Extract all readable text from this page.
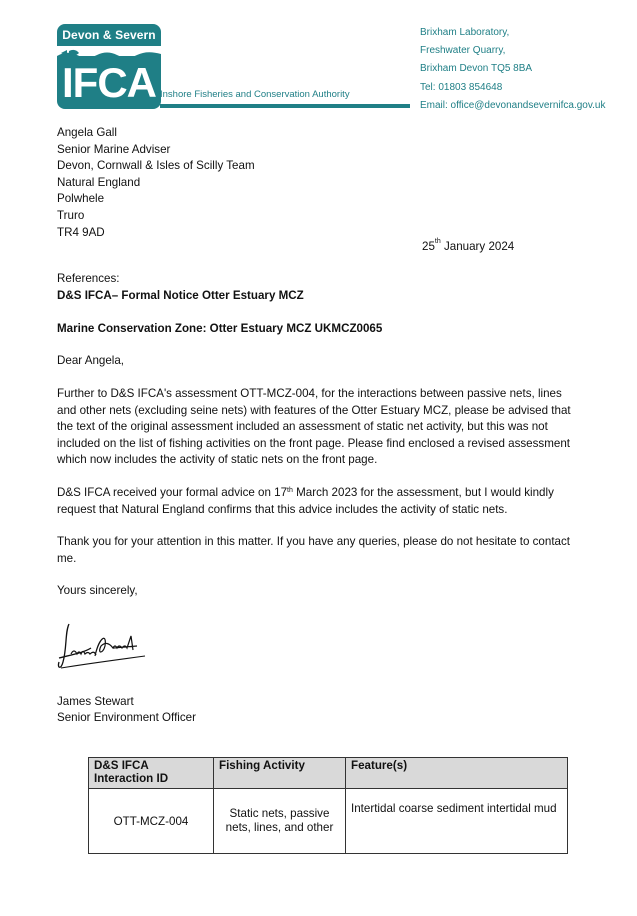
Devon & Severn
IFCA Inshore Fisheries and Conservation Authority
Brixham Laboratory,
Freshwater Quarry,
Brixham Devon TQ5 8BA
Tel: 01803 854648
Email: office@devonandsevernifca.gov.uk
Angela Gall
Senior Marine Adviser
Devon, Cornwall & Isles of Scilly Team
Natural England
Polwhele
Truro
TR4 9AD
25th January 2024
References:
D&S IFCA– Formal Notice Otter Estuary MCZ
Marine Conservation Zone: Otter Estuary MCZ UKMCZ0065
Dear Angela,
Further to D&S IFCA's assessment OTT-MCZ-004, for the interactions between passive nets, lines and other nets (excluding seine nets) with features of the Otter Estuary MCZ, please be advised that the text of the original assessment included an assessment of static net activity, but this was not included on the list of fishing activities on the front page. Please find enclosed a revised assessment which now includes the activity of static nets on the front page.
D&S IFCA received your formal advice on 17th March 2023 for the assessment, but I would kindly request that Natural England confirms that this advice includes the activity of static nets.
Thank you for your attention in this matter. If you have any queries, please do not hesitate to contact me.
Yours sincerely,
James Stewart
Senior Environment Officer
D&S IFCA Interaction ID	Fishing Activity	Feature(s)
OTT-MCZ-004	Static nets, passive nets, lines, and other	Intertidal coarse sediment intertidal mud
